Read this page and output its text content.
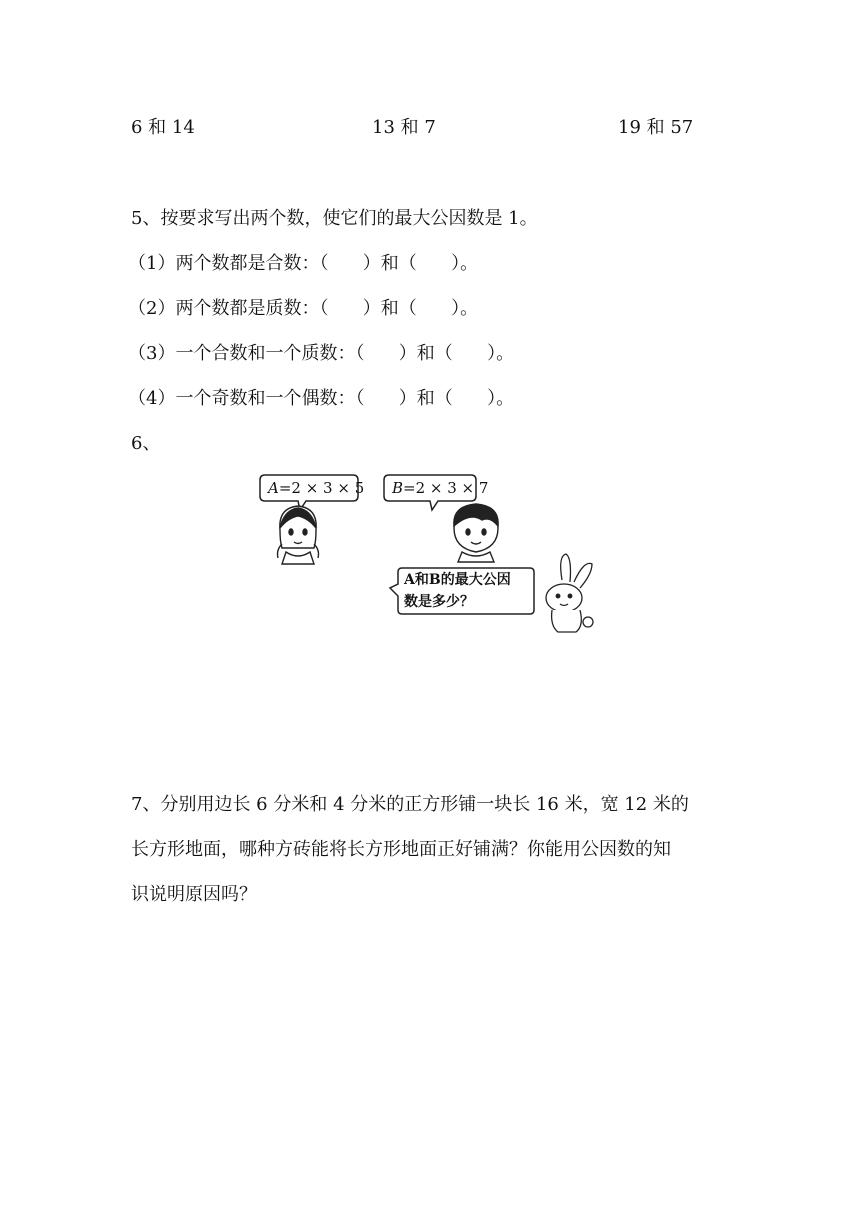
6 和 14	13 和 7	19 和 57
5、按要求写出两个数，使它们的最大公因数是 1。
（1）两个数都是合数：（      ）和（      ）。
（2）两个数都是质数：（      ）和（      ）。
（3）一个合数和一个质数：（      ）和（      ）。
（4）一个奇数和一个偶数：（      ）和（      ）。
6、
A=2 × 3 × 5 B=2 × 3 × 7
A和B的最大公因
数是多少？
7、分别用边长 6 分米和 4 分米的正方形铺一块长 16 米，宽 12 米的
长方形地面，哪种方砖能将长方形地面正好铺满？你能用公因数的知
识说明原因吗？
